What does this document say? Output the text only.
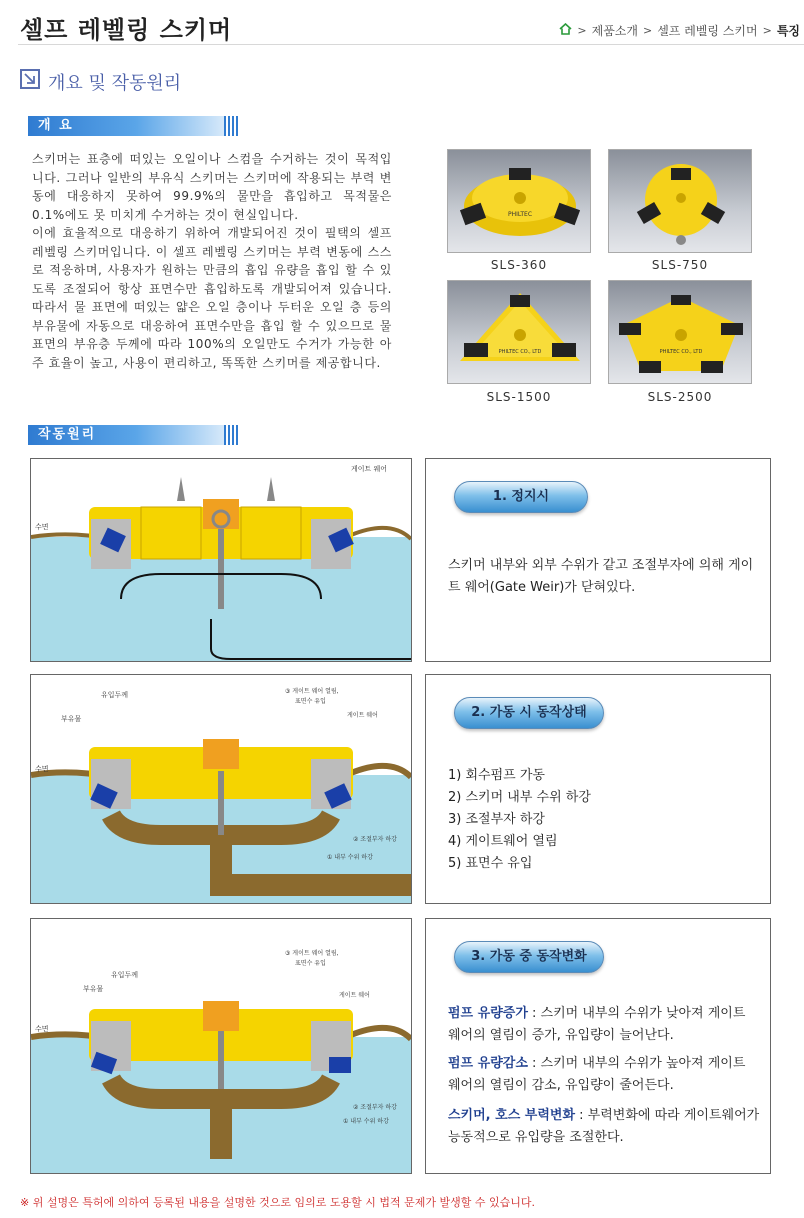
셀프 레벨링 스키머	> 제품소개 > 셀프 레벨링 스키머 > 특징
개요 및 작동원리
개 요

스키머는 표층에 떠있는 오일이나 스컴을 수거하는 것이 목적입니다. 그러나 일반의 부유식 스키머는 스키머에 작용되는 부력 변동에 대응하지 못하여 99.9%의 물만을 흡입하고 목적물은 0.1%에도 못 미치게 수거하는 것이 현실입니다.

이에 효율적으로 대응하기 위하여 개발되어진 것이 필택의 셀프 레벨링 스키머입니다. 이 셀프 레벨링 스키머는 부력 변동에 스스로 적응하며, 사용자가 원하는 만큼의 흡입 유량을 흡입 할 수 있도록 조절되어 항상 표면수만 흡입하도록 개발되어져 있습니다. 따라서 물 표면에 떠있는 얇은 오일 층이나 두터운 오일 층 등의 부유물에 자동으로 대응하여 표면수만을 흡입 할 수 있으므로 물표면의 부유층 두께에 따라 100%의 오일만도 수거가 가능한 아주 효율이 높고, 사용이 편리하고, 똑똑한 스키머를 제공합니다.

PHILTEC
SLS-360	SLS-750
PHILTEC CO., LTD	PHILTEC CO., LTD
SLS-1500	SLS-2500
작동원리
게이트 웨어
수면
1. 정지시
스키머 내부와 외부 수위가 같고 조절부자에 의해 게이트 웨어(Gate Weir)가 닫혀있다.
유입두께
부유물
수면
③ 게이트 웨어 열림,
표면수 유입
게이트 웨어
② 조절부자 하강
① 내부 수위 하강
2. 가동 시 동작상태
1) 회수펌프 가동
2) 스키머 내부 수위 하강
3) 조절부자 하강
4) 게이트웨어 열림
5) 표면수 유입
유입두께
부유물
수면
③ 게이트 웨어 열림,
표면수 유입
게이트 웨어
② 조절부자 하강
① 내부 수위 하강
3. 가동 중 동작변화
펌프 유량증가 : 스키머 내부의 수위가 낮아져 게이트 웨어의 열림이 증가, 유입량이 늘어난다.
펌프 유량감소 : 스키머 내부의 수위가 높아져 게이트 웨어의 열림이 감소, 유입량이 줄어든다.
스키머, 호스 부력변화 : 부력변화에 따라 게이트웨어가 능동적으로 유입량을 조절한다.
※ 위 설명은 특허에 의하여 등록된 내용을 설명한 것으로 임의로 도용할 시 법적 문제가 발생할 수 있습니다.
